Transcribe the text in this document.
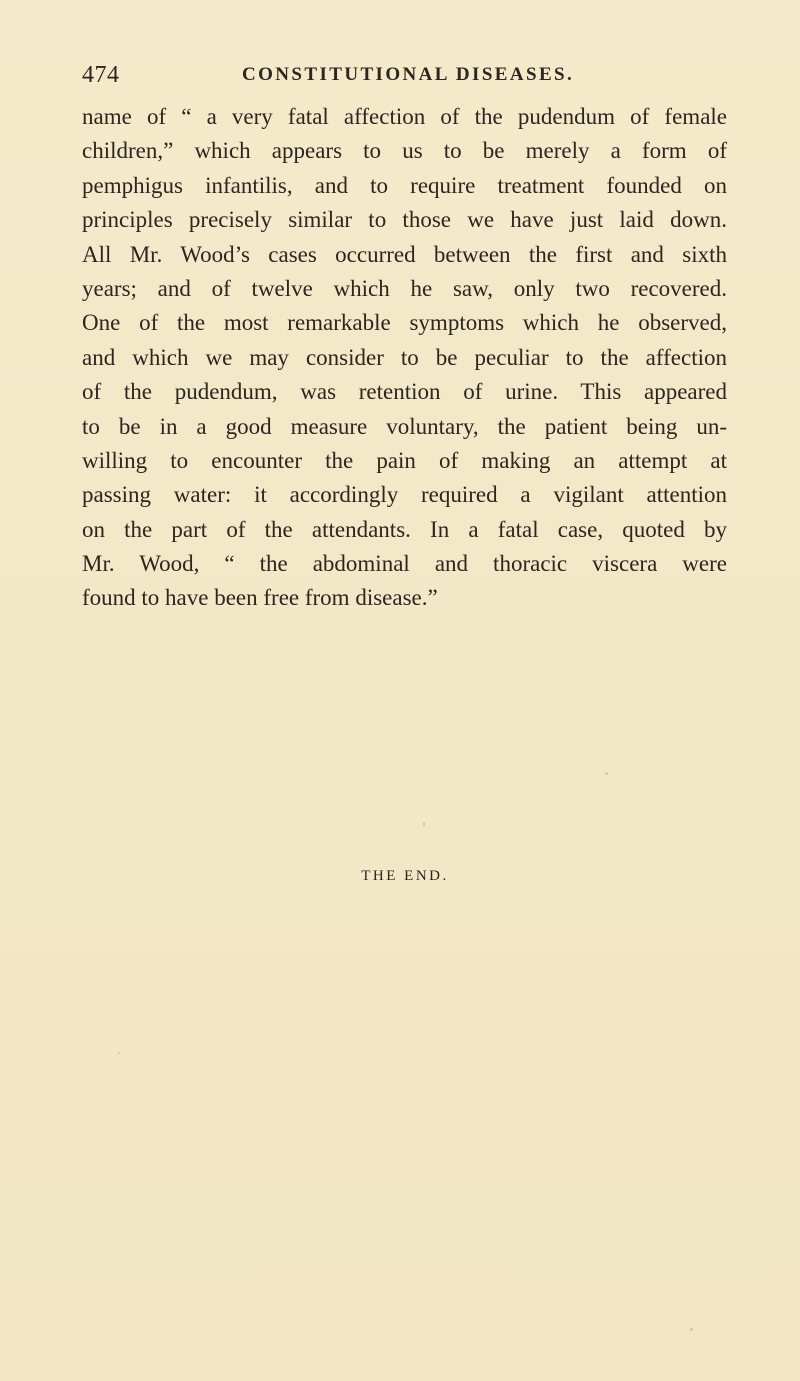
474	CONSTITUTIONAL DISEASES.
name of “ a very fatal affection of the pudendum of female
children,” which appears to us to be merely a form of
pemphigus infantilis, and to require treatment founded on
principles precisely similar to those we have just laid down.
All Mr. Wood’s cases occurred between the first and sixth
years; and of twelve which he saw, only two recovered.
One of the most remarkable symptoms which he observed,
and which we may consider to be peculiar to the affection
of the pudendum, was retention of urine. This appeared
to be in a good measure voluntary, the patient being un-
willing to encounter the pain of making an attempt at
passing water: it accordingly required a vigilant attention
on the part of the attendants. In a fatal case, quoted by
Mr. Wood, “ the abdominal and thoracic viscera were
found to have been free from disease.”
THE END.
